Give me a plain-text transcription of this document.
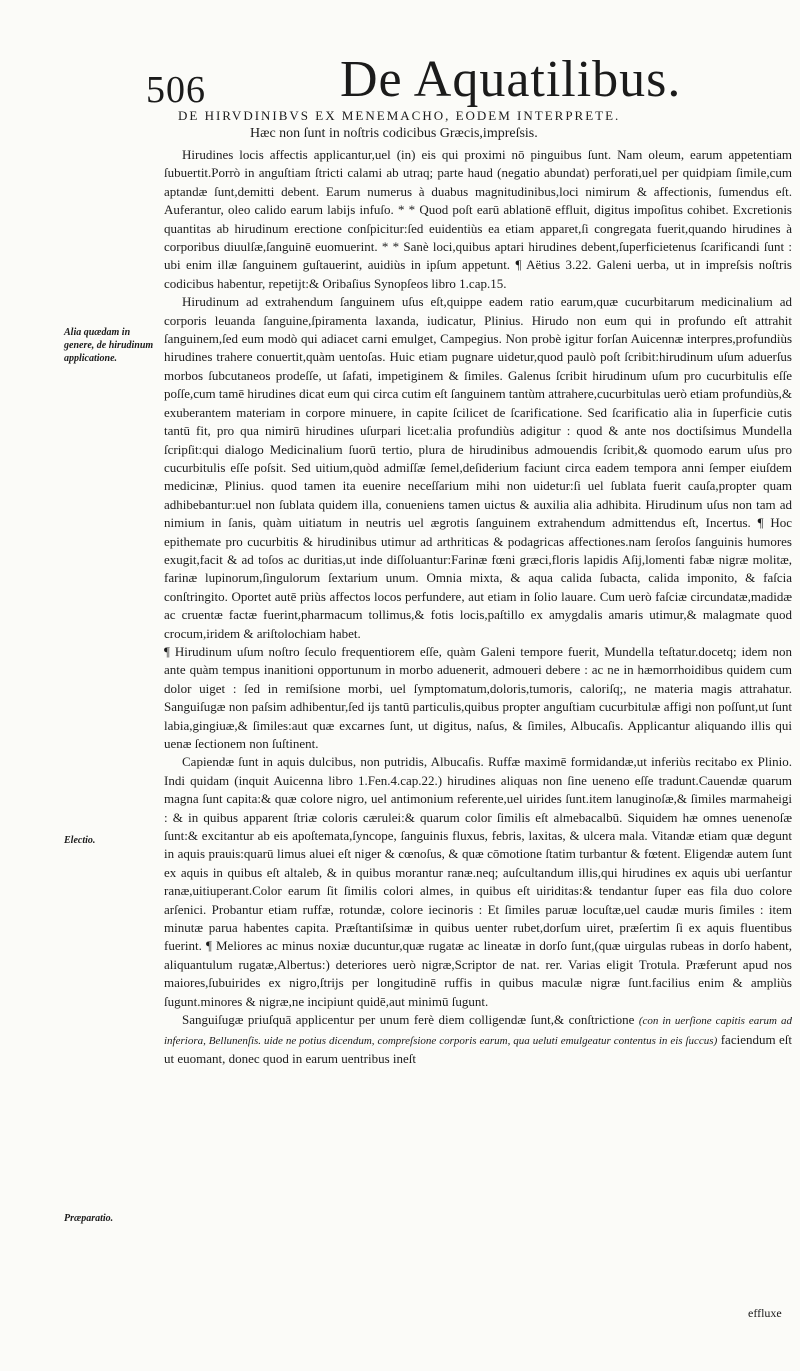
506	De Aquatilibus.
DE HIRVDINIBVS EX MENEMACHO, EODEM INTERPRETE.
Hæc non ſunt in noſtris codicibus Græcis,impreſsis.
Alia quædam in genere, de hirudinum applicatione.
Electio.
Præparatio.

Hirudines locis affectis applicantur,uel (in) eis qui proximi nō pinguibus ſunt. Nam oleum, earum appetentiam ſubuertit.Porrò in anguſtiam ſtricti calami ab utraq; parte haud (negatio abundat) perforati,uel per quidpiam ſimile,cum aptandæ ſunt,demitti debent. Earum numerus à duabus magnitudinibus,loci nimirum & affectionis, ſumendus eſt. Auferantur, oleo calido earum labijs infuſo. * * Quod poſt earū ablationē effluit, digitus impoſitus cohibet. Excretionis quantitas ab hirudinum erectione conſpicitur:ſed euidentiùs ea etiam apparet,ſi congregata fuerit,quando hirudines à corporibus diuulſæ,ſanguinē euomuerint. * * Sanè loci,quibus aptari hirudines debent,ſuperficietenus ſcarificandi ſunt : ubi enim illæ ſanguinem guſtauerint, auidiùs in ipſum appetunt. ¶ Aëtius 3.22. Galeni uerba, ut in impreſsis noſtris codicibus habentur, repetijt:& Oribaſius Synopſeos libro 1.cap.15.

Hirudinum ad extrahendum ſanguinem uſus eſt,quippe eadem ratio earum,quæ cucurbitarum medicinalium ad corporis leuanda ſanguine,ſpiramenta laxanda, iudicatur, Plinius. Hirudo non eum qui in profundo eſt attrahit ſanguinem,ſed eum modò qui adiacet carni emulget, Campegius. Non probè igitur forſan Auicennæ interpres,profundiùs hirudines trahere conuertit,quàm uentoſas. Huic etiam pugnare uidetur,quod paulò poſt ſcribit:hirudinum uſum aduerſus morbos ſubcutaneos prodeſſe, ut ſafati, impetiginem & ſimiles. Galenus ſcribit hirudinum uſum pro cucurbitulis eſſe poſſe,cum tamē hirudines dicat eum qui circa cutim eſt ſanguinem tantùm attrahere,cucurbitulas uerò etiam profundiùs,& exuberantem materiam in corpore minuere, in capite ſcilicet de ſcarificatione. Sed ſcarificatio alia in ſuperficie cutis tantū fit, pro qua nimirū hirudines uſurpari licet:alia profundiùs adigitur : quod & ante nos doctiſsimus Mundella ſcripſit:qui dialogo Medicinalium ſuorū tertio, plura de hirudinibus admouendis ſcribit,& quomodo earum uſus pro cucurbitulis eſſe poſsit. Sed uitium,quòd admiſſæ ſemel,deſiderium faciunt circa eadem tempora anni ſemper eiuſdem medicinæ, Plinius. quod tamen ita euenire neceſſarium mihi non uidetur:ſi uel ſublata fuerit cauſa,propter quam adhibebantur:uel non ſublata quidem illa, conueniens tamen uictus & auxilia alia adhibita. Hirudinum uſus non tam ad nimium in ſanis, quàm uitiatum in neutris uel ægrotis ſanguinem extrahendum admittendus eſt, Incertus. ¶ Hoc epithemate pro cucurbitis & hirudinibus utimur ad arthriticas & podagricas affectiones.nam ſeroſos ſanguinis humores exugit,facit & ad toſos ac duritias,ut inde diſſoluantur:Farinæ fœni græci,floris lapidis Aſij,lomenti fabæ nigræ molitæ, farinæ lupinorum,ſingulorum ſextarium unum. Omnia mixta, & aqua calida ſubacta, calida imponito, & faſcia conſtringito. Oportet autē priùs affectos locos perfundere, aut etiam in ſolio lauare. Cum uerò faſciæ circundatæ,madidæ ac cruentæ factæ fuerint,pharmacum tollimus,& fotis locis,paſtillo ex amygdalis amaris utimur,& malagmate quod crocum,iridem & ariſtolochiam habet.

¶ Hirudinum uſum noſtro ſeculo frequentiorem eſſe, quàm Galeni tempore fuerit, Mundella teſtatur.docetq; idem non ante quàm tempus inanitioni opportunum in morbo aduenerit, admoueri debere : ac ne in hæmorrhoidibus quidem cum dolor uiget : ſed in remiſsione morbi, uel ſymptomatum,doloris,tumoris, caloriſq;, ne materia magis attrahatur. Sanguiſugæ non paſsim adhibentur,ſed ijs tantū particulis,quibus propter anguſtiam cucurbitulæ affigi non poſſunt,ut ſunt labia,gingiuæ,& ſimiles:aut quæ excarnes ſunt, ut digitus, naſus, & ſimiles, Albucaſis. Applicantur aliquando illis qui uenæ ſectionem non ſuſtinent.

Capiendæ ſunt in aquis dulcibus, non putridis, Albucaſis. Ruffæ maximē formidandæ,ut inferiùs recitabo ex Plinio. Indi quidam (inquit Auicenna libro 1.Fen.4.cap.22.) hirudines aliquas non ſine ueneno eſſe tradunt.Cauendæ quarum magna ſunt capita:& quæ colore nigro, uel antimonium referente,uel uirides ſunt.item lanuginoſæ,& ſimiles marmaheigi : & in quibus apparent ſtriæ coloris cærulei:& quarum color ſimilis eſt almebacalbū. Siquidem hæ omnes uenenoſæ ſunt:& excitantur ab eis apoſtemata,ſyncope, ſanguinis fluxus, febris, laxitas, & ulcera mala. Vitandæ etiam quæ degunt in aquis prauis:quarū limus aluei eſt niger & cœnoſus, & quæ cōmotione ſtatim turbantur & fœtent. Eligendæ autem ſunt ex aquis in quibus eſt altaleb, & in quibus morantur ranæ.neq; auſcultandum illis,qui hirudines ex aquis ubi uerſantur ranæ,uitiuperant.Color earum ſit ſimilis colori almes, in quibus eſt uiriditas:& tendantur ſuper eas fila duo colore arſenici. Probantur etiam ruffæ, rotundæ, colore iecinoris : Et ſimiles paruæ locuſtæ,uel caudæ muris ſimiles : item minutæ parua habentes capita. Præſtantiſsimæ in quibus uenter rubet,dorſum uiret, præſertim ſi ex aquis fluentibus fuerint. ¶ Meliores ac minus noxiæ ducuntur,quæ rugatæ ac lineatæ in dorſo ſunt,(quæ uirgulas rubeas in dorſo habent, aliquantulum rugatæ,Albertus:) deteriores uerò nigræ,Scriptor de nat. rer. Varias eligit Trotula. Præferunt apud nos maiores,ſubuirides ex nigro,ſtrijs per longitudinē ruffis in quibus maculæ nigræ ſunt.facilius enim & ampliùs ſugunt.minores & nigræ,ne incipiunt quidē,aut minimū ſugunt.

Sanguiſugæ priuſquā applicentur per unum ferè diem colligendæ ſunt,& conſtrictione (con in uerſione capitis earum ad inferiora, Bellunenſis. uide ne potius dicendum, compreſsione corporis earum, qua ueluti emulgeatur contentus in eis ſuccus) faciendum eſt ut euomant, donec quod in earum uentribus ineſt

effluxe
